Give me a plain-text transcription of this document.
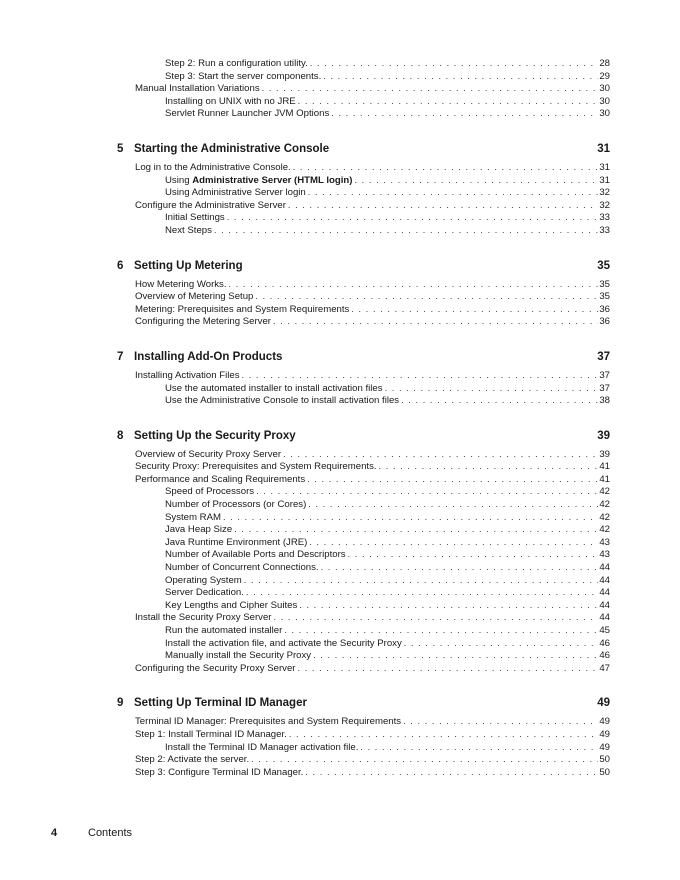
Step 2: Run a configuration utility. . . .	28
Step 3: Start the server components. . . .	29
Manual Installation Variations . . .	30
Installing on UNIX with no JRE . . .	30
Servlet Runner Launcher JVM Options . . .	30
5 Starting the Administrative Console	31
Log in to the Administrative Console. . . .	31
Using Administrative Server (HTML login) . . .	31
Using Administrative Server login . . .	32
Configure the Administrative Server . . .	32
Initial Settings . . .	33
Next Steps . . .	33
6 Setting Up Metering	35
How Metering Works. . . .	35
Overview of Metering Setup . . .	35
Metering: Prerequisites and System Requirements . . .	36
Configuring the Metering Server . . .	36
7 Installing Add-On Products	37
Installing Activation Files . . .	37
Use the automated installer to install activation files . . .	37
Use the Administrative Console to install activation files . . .	38
8 Setting Up the Security Proxy	39
Overview of Security Proxy Server . . .	39
Security Proxy: Prerequisites and System Requirements. . . .	41
Performance and Scaling Requirements . . .	41
Speed of Processors . . .	42
Number of Processors (or Cores) . . .	42
System RAM . . .	42
Java Heap Size . . .	42
Java Runtime Environment (JRE) . . .	43
Number of Available Ports and Descriptors . . .	43
Number of Concurrent Connections. . . .	44
Operating System . . .	44
Server Dedication. . . .	44
Key Lengths and Cipher Suites . . .	44
Install the Security Proxy Server . . .	44
Run the automated installer . . .	45
Install the activation file, and activate the Security Proxy . . .	46
Manually install the Security Proxy . . .	46
Configuring the Security Proxy Server . . .	47
9 Setting Up Terminal ID Manager	49
Terminal ID Manager: Prerequisites and System Requirements . . .	49
Step 1: Install Terminal ID Manager. . . .	49
Install the Terminal ID Manager activation file. . . .	49
Step 2: Activate the server. . . .	50
Step 3: Configure Terminal ID Manager. . . .	50
4	Contents
